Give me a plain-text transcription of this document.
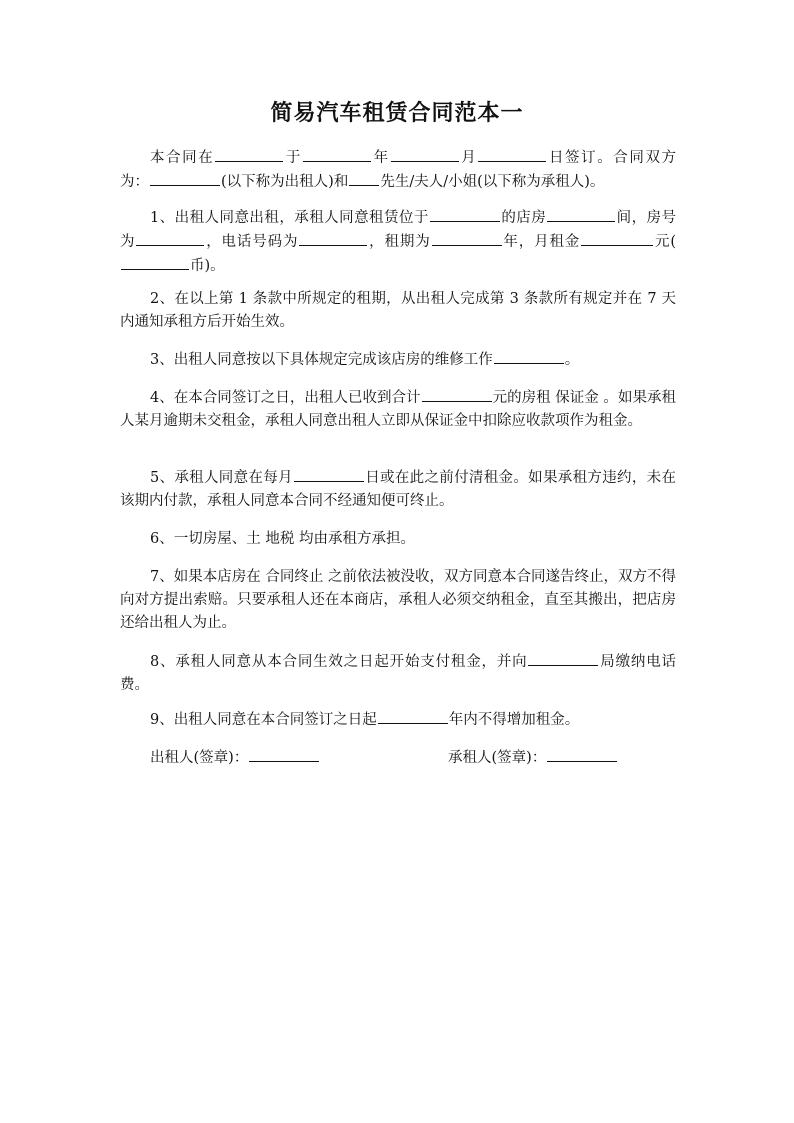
简易汽车租赁合同范本一
本合同在	于	年	月	日签订。合同双方为：	(以下称为出租人)和 先生/夫人/小姐(以下称为承租人)。
1、出租人同意出租，承租人同意租赁位于	的店房	间，房号为	，电话号码为	，租期为	年，月租金	元(币)。
2、在以上第 1 条款中所规定的租期，从出租人完成第 3 条款所有规定并在 7 天内通知承租方后开始生效。
3、出租人同意按以下具体规定完成该店房的维修工作	。
4、在本合同签订之日，出租人已收到合计	元的房租 保证金 。如果承租人某月逾期未交租金，承租人同意出租人立即从保证金中扣除应收款项作为租金。
5、承租人同意在每月	日或在此之前付清租金。如果承租方违约，未在该期内付款，承租人同意本合同不经通知便可终止。
6、一切房屋、土 地税 均由承租方承担。
7、如果本店房在 合同终止 之前依法被没收，双方同意本合同遂告终止，双方不得向对方提出索赔。只要承租人还在本商店，承租人必须交纳租金，直至其搬出，把店房还给出租人为止。
8、承租人同意从本合同生效之日起开始支付租金，并向	局缴纳电话费。
9、出租人同意在本合同签订之日起	年内不得增加租金。
出租人(签章)：	承租人(签章)：
